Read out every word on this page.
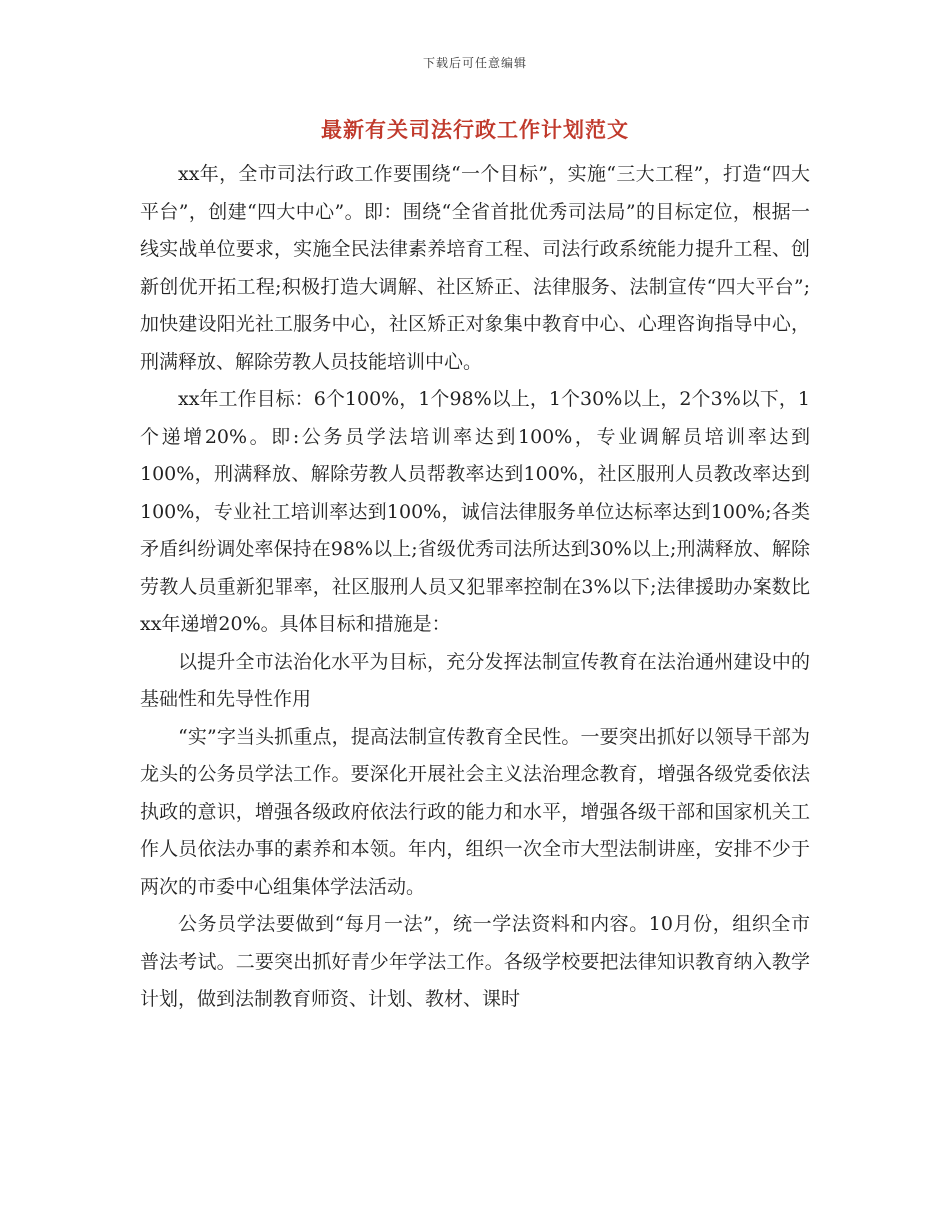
下载后可任意编辑
最新有关司法行政工作计划范文

xx年，全市司法行政工作要围绕“一个目标”，实施“三大工程”，打造“四大平台”，创建“四大中心”。即：围绕“全省首批优秀司法局”的目标定位，根据一线实战单位要求，实施全民法律素养培育工程、司法行政系统能力提升工程、创新创优开拓工程;积极打造大调解、社区矫正、法律服务、法制宣传“四大平台”;加快建设阳光社工服务中心，社区矫正对象集中教育中心、心理咨询指导中心，刑满释放、解除劳教人员技能培训中心。

xx年工作目标：6个100%，1个98%以上，1个30%以上，2个3%以下，1个递增20%。即:公务员学法培训率达到100%，专业调解员培训率达到100%，刑满释放、解除劳教人员帮教率达到100%，社区服刑人员教改率达到100%，专业社工培训率达到100%，诚信法律服务单位达标率达到100%;各类矛盾纠纷调处率保持在98%以上;省级优秀司法所达到30%以上;刑满释放、解除劳教人员重新犯罪率，社区服刑人员又犯罪率控制在3%以下;法律援助办案数比xx年递增20%。具体目标和措施是：

以提升全市法治化水平为目标，充分发挥法制宣传教育在法治通州建设中的基础性和先导性作用

“实”字当头抓重点，提高法制宣传教育全民性。一要突出抓好以领导干部为龙头的公务员学法工作。要深化开展社会主义法治理念教育，增强各级党委依法执政的意识，增强各级政府依法行政的能力和水平，增强各级干部和国家机关工作人员依法办事的素养和本领。年内，组织一次全市大型法制讲座，安排不少于两次的市委中心组集体学法活动。

公务员学法要做到“每月一法”，统一学法资料和内容。10月份，组织全市普法考试。二要突出抓好青少年学法工作。各级学校要把法律知识教育纳入教学计划，做到法制教育师资、计划、教材、课时
